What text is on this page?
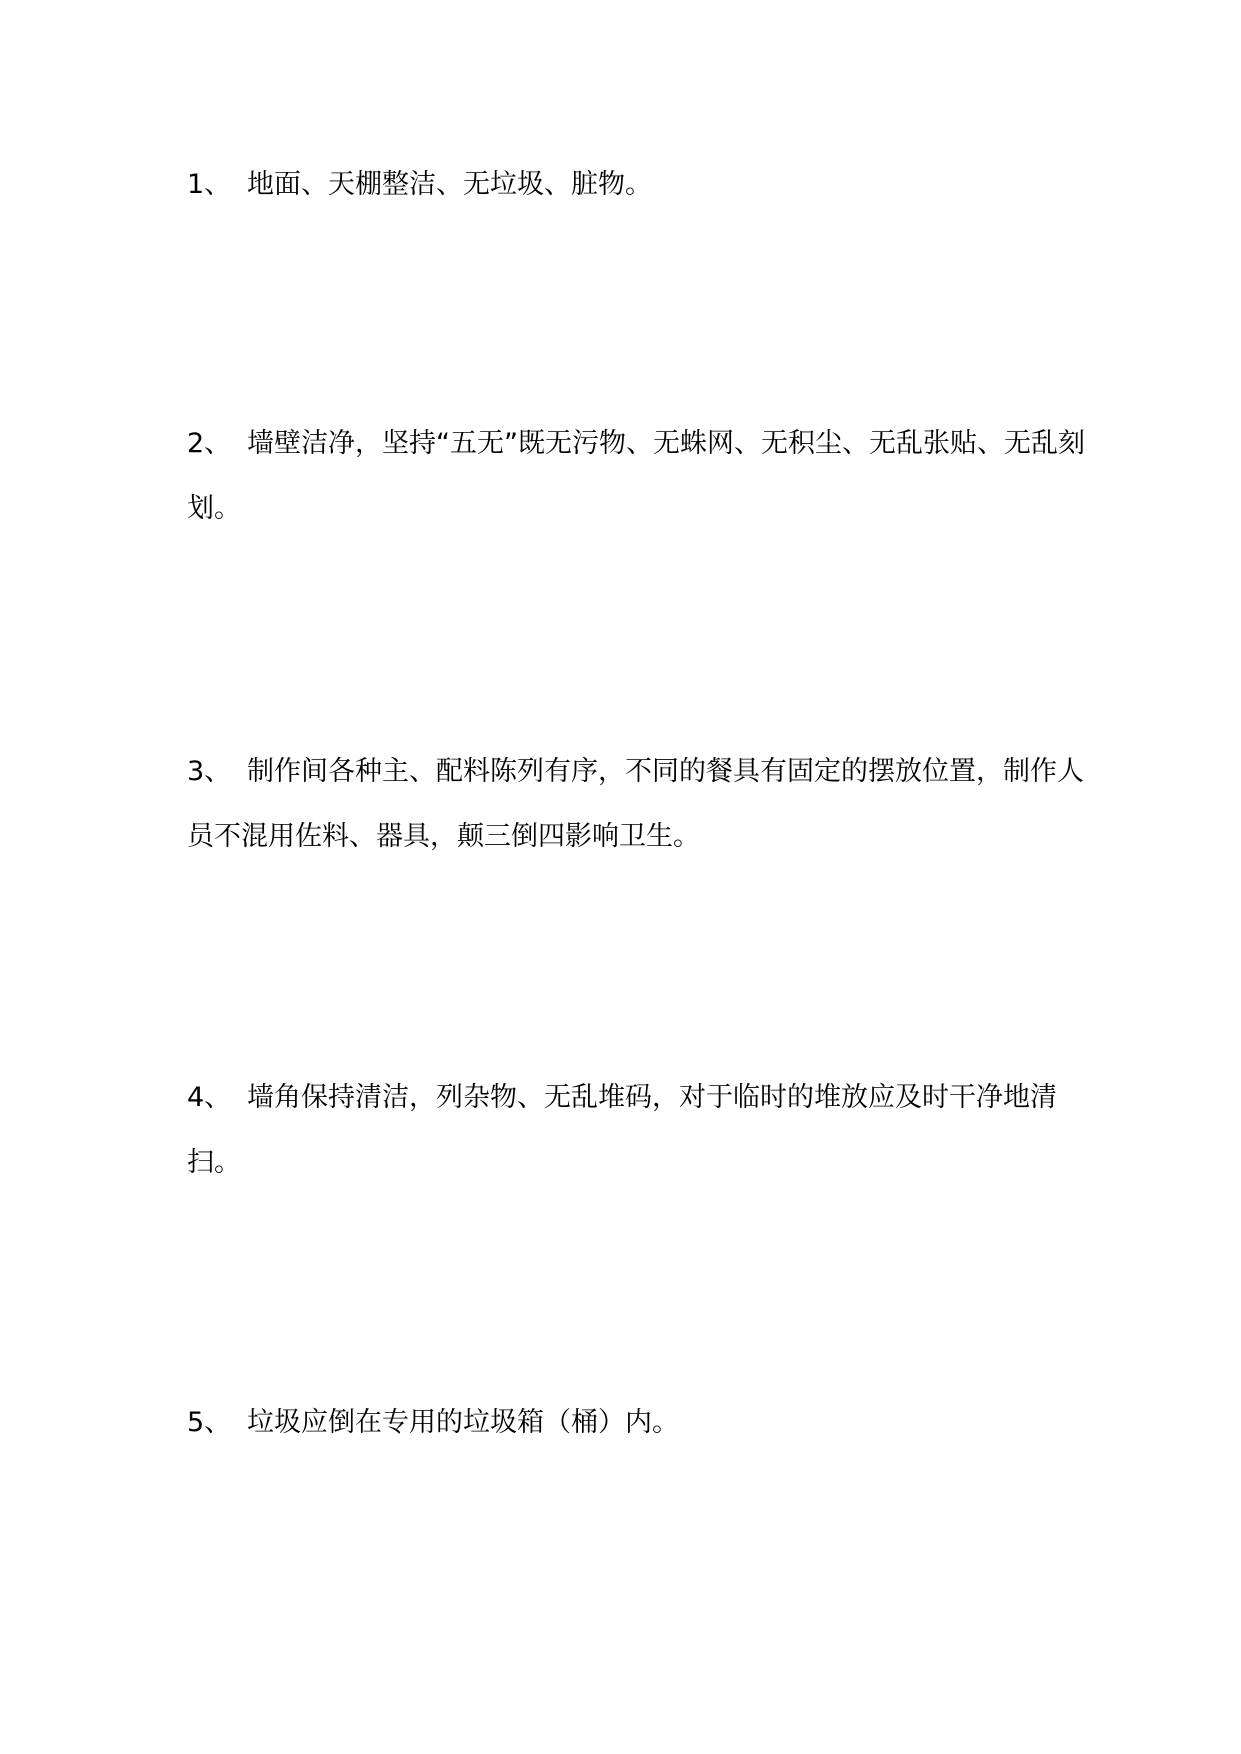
1、 地面、天棚整洁、无垃圾、脏物。
2、 墙壁洁净，坚持“五无”既无污物、无蛛网、无积尘、无乱张贴、无乱刻划。
3、 制作间各种主、配料陈列有序，不同的餐具有固定的摆放位置，制作人员不混用佐料、器具，颠三倒四影响卫生。
4、 墙角保持清洁，列杂物、无乱堆码，对于临时的堆放应及时干净地清扫。
5、 垃圾应倒在专用的垃圾箱（桶）内。
